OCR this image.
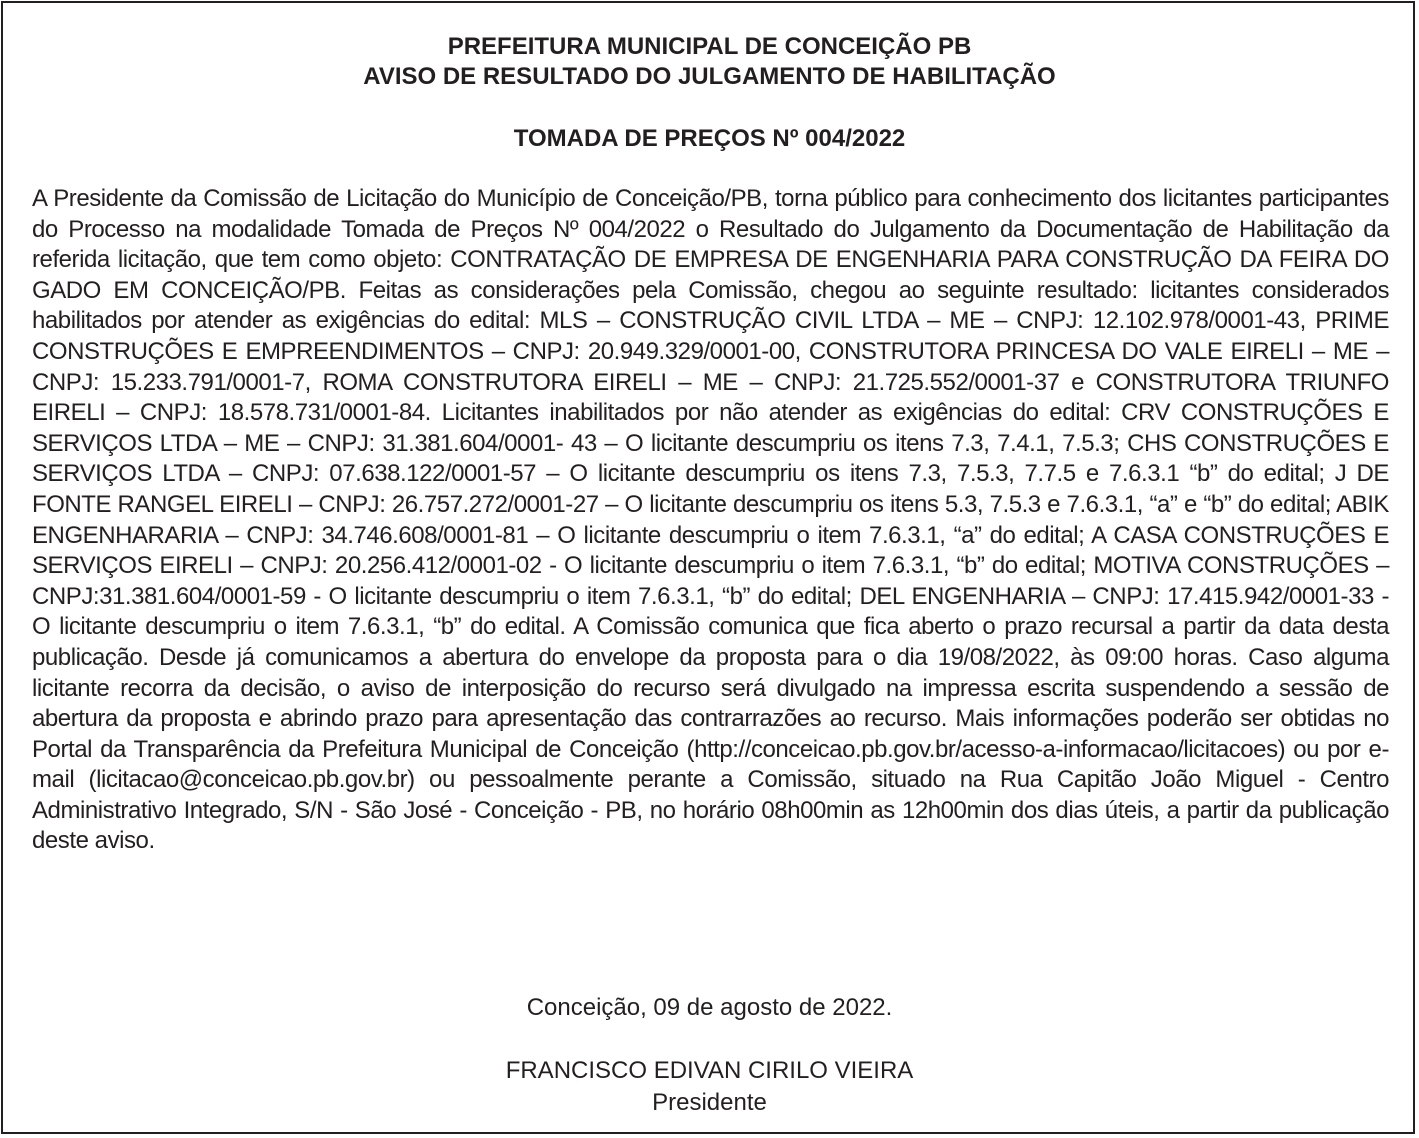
PREFEITURA MUNICIPAL DE CONCEIÇÃO PB
AVISO DE RESULTADO DO JULGAMENTO DE HABILITAÇÃO
TOMADA DE PREÇOS Nº 004/2022

A Presidente da Comissão de Licitação do Município de Conceição/PB, torna público para conhecimento dos licitantes participantes do Processo na modalidade Tomada de Preços Nº 004/2022 o Resultado do Julgamento da Documentação de Habilitação da referida licitação, que tem como objeto: CONTRATAÇÃO DE EMPRESA DE ENGENHARIA PARA CONSTRUÇÃO DA FEIRA DO GADO EM CONCEIÇÃO/PB. Feitas as considerações pela Comissão, chegou ao seguinte resultado: licitantes considerados habilitados por atender as exigências do edital: MLS – CONSTRUÇÃO CIVIL LTDA – ME – CNPJ: 12.102.978/0001-43, PRIME CONSTRUÇÕES E EMPREENDIMENTOS – CNPJ: 20.949.329/0001-00, CONSTRUTORA PRINCESA DO VALE EIRELI – ME – CNPJ: 15.233.791/0001-7, ROMA CONSTRUTORA EIRELI – ME – CNPJ: 21.725.552/0001-37 e CONSTRUTORA TRIUNFO EIRELI – CNPJ: 18.578.731/0001-84. Licitantes inabilitados por não atender as exigências do edital: CRV CONSTRUÇÕES E SERVIÇOS LTDA – ME – CNPJ: 31.381.604/0001- 43 – O licitante descumpriu os itens 7.3, 7.4.1, 7.5.3; CHS CONSTRUÇÕES E SERVIÇOS LTDA – CNPJ: 07.638.122/0001-57 – O licitante descumpriu os itens 7.3, 7.5.3, 7.7.5 e 7.6.3.1 “b” do edital; J DE FONTE RANGEL EIRELI – CNPJ: 26.757.272/0001-27 – O licitante descumpriu os itens 5.3, 7.5.3 e 7.6.3.1, “a” e “b” do edital; ABIK ENGENHARARIA – CNPJ: 34.746.608/0001-81 – O licitante descumpriu o item 7.6.3.1, “a” do edital; A CASA CONSTRUÇÕES E SERVIÇOS EIRELI – CNPJ: 20.256.412/0001-02 - O licitante descumpriu o item 7.6.3.1, “b” do edital; MOTIVA CONSTRUÇÕES – CNPJ:31.381.604/0001-59 - O licitante descumpriu o item 7.6.3.1, “b” do edital; DEL ENGENHARIA – CNPJ: 17.415.942/0001-33 - O licitante descumpriu o item 7.6.3.1, “b” do edital. A Comissão comunica que fica aberto o prazo recursal a partir da data desta publicação. Desde já comunicamos a abertura do envelope da proposta para o dia 19/08/2022, às 09:00 horas. Caso alguma licitante recorra da decisão, o aviso de interposição do recurso será divulgado na impressa escrita suspendendo a sessão de abertura da proposta e abrindo prazo para apresentação das contrarrazões ao recurso. Mais informações poderão ser obtidas no Portal da Transparência da Prefeitura Municipal de Conceição (http://conceicao.pb.gov.br/acesso-a-informacao/licitacoes) ou por e-mail (licitacao@conceicao.pb.gov.br) ou pessoalmente perante a Comissão, situado na Rua Capitão João Miguel - Centro Administrativo Integrado, S/N - São José - Conceição - PB, no horário 08h00min as 12h00min dos dias úteis, a partir da publicação deste aviso.

Conceição, 09 de agosto de 2022.

FRANCISCO EDIVAN CIRILO VIEIRA

Presidente
